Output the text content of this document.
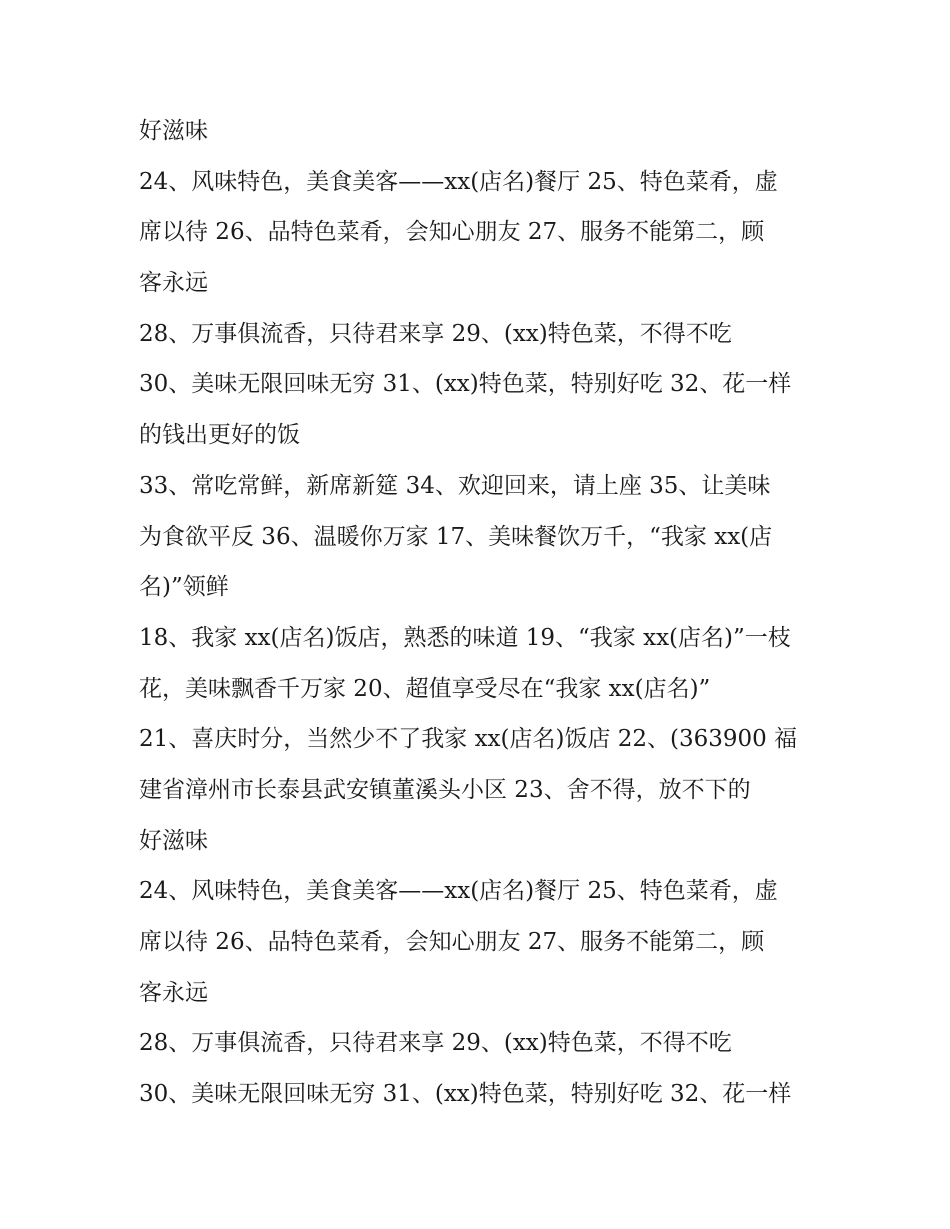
好滋味
24、风味特色，美食美客——xx(店名)餐厅 25、特色菜肴，虚
席以待 26、品特色菜肴，会知心朋友 27、服务不能第二，顾
客永远
28、万事俱流香，只待君来享 29、(xx)特色菜，不得不吃
30、美味无限回味无穷 31、(xx)特色菜，特别好吃 32、花一样
的钱出更好的饭
33、常吃常鲜，新席新筵 34、欢迎回来，请上座 35、让美味
为食欲平反 36、温暖你万家 17、美味餐饮万千，“我家 xx(店
名)”领鲜
18、我家 xx(店名)饭店，熟悉的味道 19、“我家 xx(店名)”一枝
花，美味飘香千万家 20、超值享受尽在“我家 xx(店名)”
21、喜庆时分，当然少不了我家 xx(店名)饭店 22、(363900 福
建省漳州市长泰县武安镇董溪头小区 23、舍不得，放不下的
好滋味
24、风味特色，美食美客——xx(店名)餐厅 25、特色菜肴，虚
席以待 26、品特色菜肴，会知心朋友 27、服务不能第二，顾
客永远
28、万事俱流香，只待君来享 29、(xx)特色菜，不得不吃
30、美味无限回味无穷 31、(xx)特色菜，特别好吃 32、花一样
